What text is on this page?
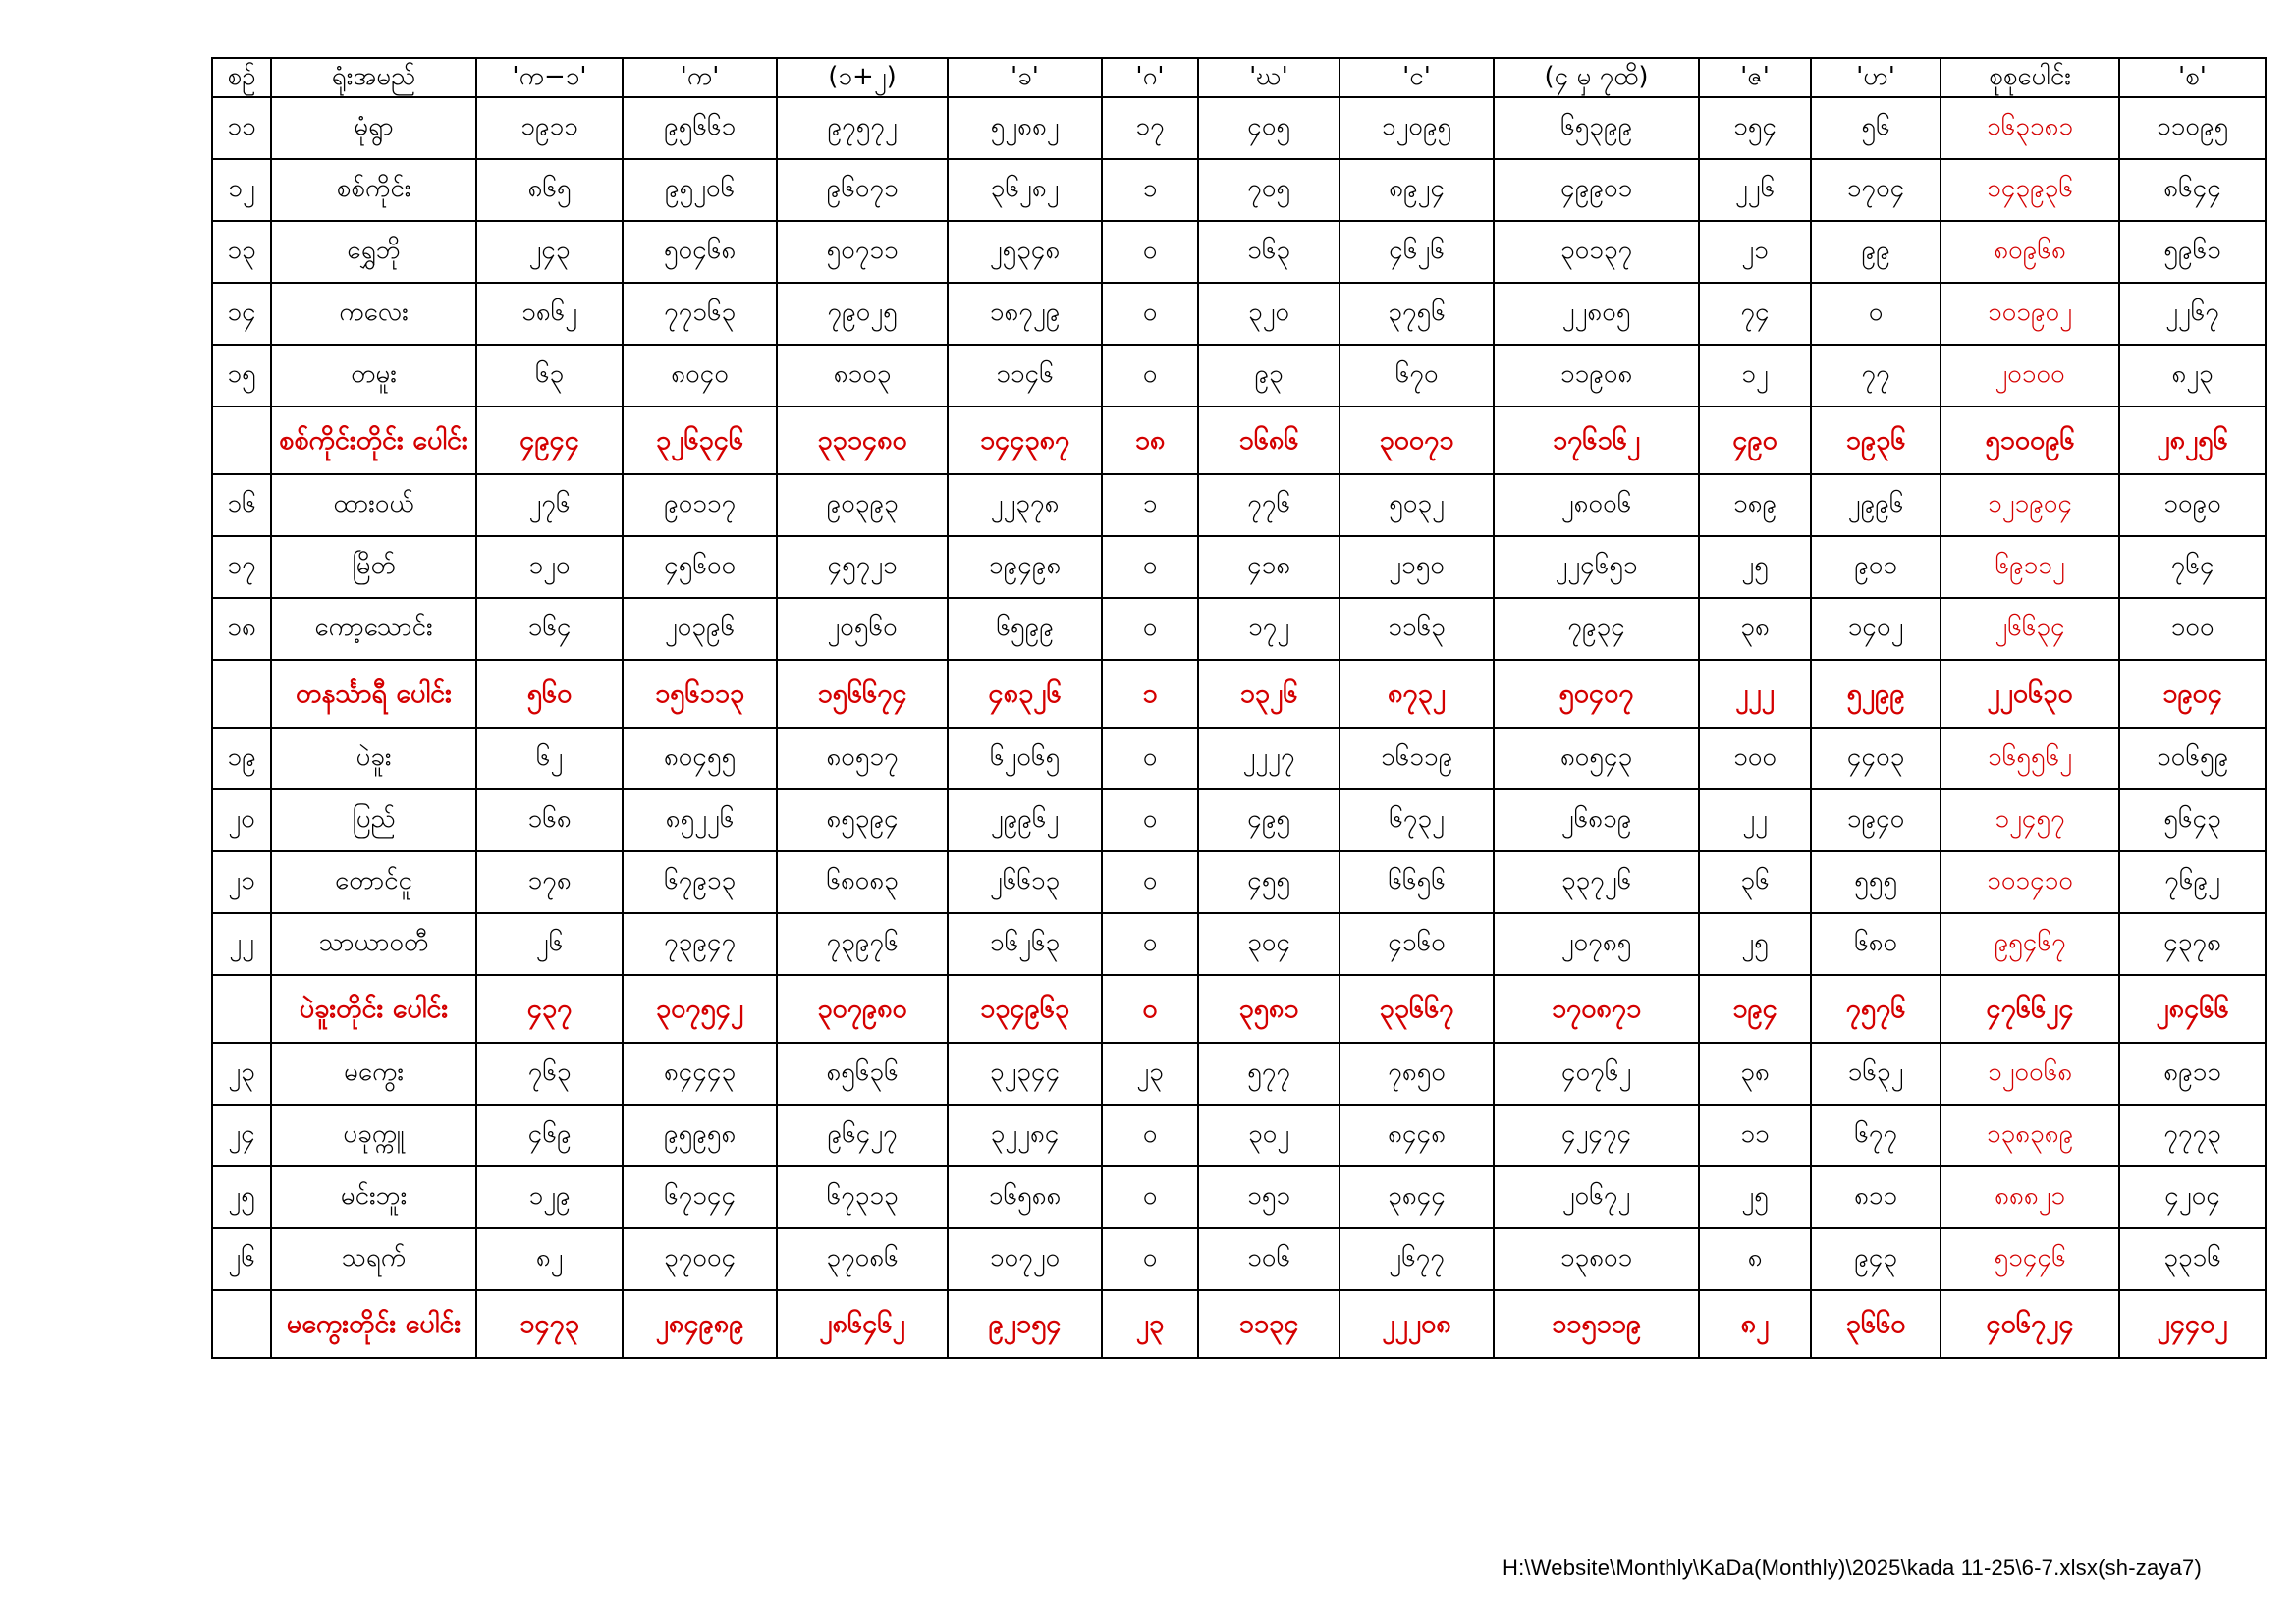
စဉ်	ရုံးအမည်	'က−၁'	'က'	(၁+၂)	'ခ'	'ဂ'	'ဃ'	'င'	(၄ မှ ၇ထိ)	'ဇ'	'ဟ'	စုစုပေါင်း	'စ'
၁၁	မုံရွာ	၁၉၁၁	၉၅၆၆၁	၉၇၅၇၂	၅၂၈၈၂	၁၇	၄၀၅	၁၂၀၉၅	၆၅၃၉၉	၁၅၄	၅၆	၁၆၃၁၈၁	၁၁၀၉၅
၁၂	စစ်ကိုင်း	၈၆၅	၉၅၂၀၆	၉၆၀၇၁	၃၆၂၈၂	၁	၇၀၅	၈၉၂၄	၄၉၉၀၁	၂၂၆	၁၇၀၄	၁၄၃၉၃၆	၈၆၄၄
၁၃	ရွှေဘို	၂၄၃	၅၀၄၆၈	၅၀၇၁၁	၂၅၃၄၈	၀	၁၆၃	၄၆၂၆	၃၀၁၃၇	၂၁	၉၉	၈၀၉၆၈	၅၉၆၁
၁၄	ကလေး	၁၈၆၂	၇၇၁၆၃	၇၉၀၂၅	၁၈၇၂၉	၀	၃၂၀	၃၇၅၆	၂၂၈၀၅	၇၄	၀	၁၀၁၉၀၂	၂၂၆၇
၁၅	တမူး	၆၃	၈၀၄၀	၈၁၀၃	၁၁၄၆	၀	၉၃	၆၇၀	၁၁၉၀၈	၁၂	၇၇	၂၀၁၀၀	၈၂၃
	စစ်ကိုင်းတိုင်း ပေါင်း	၄၉၄၄	၃၂၆၃၄၆	၃၃၁၄၈၀	၁၄၄၃၈၇	၁၈	၁၆၈၆	၃၀၀၇၁	၁၇၆၁၆၂	၄၉၀	၁၉၃၆	၅၁၀၀၉၆	၂၈၂၅၆
၁၆	ထားဝယ်	၂၇၆	၉၀၁၁၇	၉၀၃၉၃	၂၂၃၇၈	၁	၇၇၆	၅၀၃၂	၂၈၀၀၆	၁၈၉	၂၉၉၆	၁၂၁၉၀၄	၁၀၉၀
၁၇	မြိတ်	၁၂၀	၄၅၆၀၀	၄၅၇၂၁	၁၉၄၉၈	၀	၄၁၈	၂၁၅၀	၂၂၄၆၅၁	၂၅	၉၀၁	၆၉၁၁၂	၇၆၄
၁၈	ကော့သောင်း	၁၆၄	၂၀၃၉၆	၂၀၅၆၀	၆၅၉၉	၀	၁၇၂	၁၁၆၃	၇၉၃၄	၃၈	၁၄၀၂	၂၆၆၃၄	၁၀၀
	တနင်္သာရီ ပေါင်း	၅၆၀	၁၅၆၁၁၃	၁၅၆၆၇၄	၄၈၃၂၆	၁	၁၃၂၆	၈၇၃၂	၅၀၄၀၇	၂၂၂	၅၂၉၉	၂၂၀၆၃၀	၁၉၀၄
၁၉	ပဲခူး	၆၂	၈၀၄၅၅	၈၀၅၁၇	၆၂၀၆၅	၀	၂၂၂၇	၁၆၁၁၉	၈၀၅၄၃	၁၀၀	၄၄၀၃	၁၆၅၅၆၂	၁၀၆၅၉
၂၀	ပြည်	၁၆၈	၈၅၂၂၆	၈၅၃၉၄	၂၉၉၆၂	၀	၄၉၅	၆၇၃၂	၂၆၈၁၉	၂၂	၁၉၄၀	၁၂၄၅၇	၅၆၄၃
၂၁	တောင်ငူ	၁၇၈	၆၇၉၁၃	၆၈၀၈၃	၂၆၆၁၃	၀	၄၅၅	၆၆၅၆	၃၃၇၂၆	၃၆	၅၅၅	၁၀၁၄၁၀	၇၆၉၂
၂၂	သာယာဝတီ	၂၆	၇၃၉၄၇	၇၃၉၇၆	၁၆၂၆၃	၀	၃၀၄	၄၁၆၀	၂၀၇၈၅	၂၅	၆၈၀	၉၅၄၆၇	၄၃၇၈
	ပဲခူးတိုင်း ပေါင်း	၄၃၇	၃၀၇၅၄၂	၃၀၇၉၈၀	၁၃၄၉၆၃	၀	၃၅၈၁	၃၃၆၆၇	၁၇၀၈၇၁	၁၉၄	၇၅၇၆	၄၇၆၆၂၄	၂၈၄၆၆
၂၃	မကွေး	၇၆၃	၈၄၄၄၃	၈၅၆၃၆	၃၂၃၄၄	၂၃	၅၇၇	၇၈၅၀	၄၀၇၆၂	၃၈	၁၆၃၂	၁၂၀၀၆၈	၈၉၁၁
၂၄	ပခုက္ကူ	၄၆၉	၉၅၉၅၈	၉၆၄၂၇	၃၂၂၈၄	၀	၃၀၂	၈၄၄၈	၄၂၄၇၄	၁၁	၆၇၇	၁၃၈၃၈၉	၇၇၇၃
၂၅	မင်းဘူး	၁၂၉	၆၇၁၄၄	၆၇၃၁၃	၁၆၅၈၈	၀	၁၅၁	၃၈၄၄	၂၀၆၇၂	၂၅	၈၁၁	၈၈၈၂၁	၄၂၀၄
၂၆	သရက်	၈၂	၃၇၀၀၄	၃၇၀၈၆	၁၀၇၂၀	၀	၁၀၆	၂၆၇၇	၁၃၈၀၁	၈	၉၄၃	၅၁၄၄၆	၃၃၁၆
	မကွေးတိုင်း ပေါင်း	၁၄၇၃	၂၈၄၉၈၉	၂၈၆၄၆၂	၉၂၁၅၄	၂၃	၁၁၃၄	၂၂၂၀၈	၁၁၅၁၁၉	၈၂	၃၆၆၀	၄၀၆၇၂၄	၂၄၄၀၂
H:\Website\Monthly\KaDa(Monthly)\2025\kada 11-25\6-7.xlsx(sh-zaya7)
